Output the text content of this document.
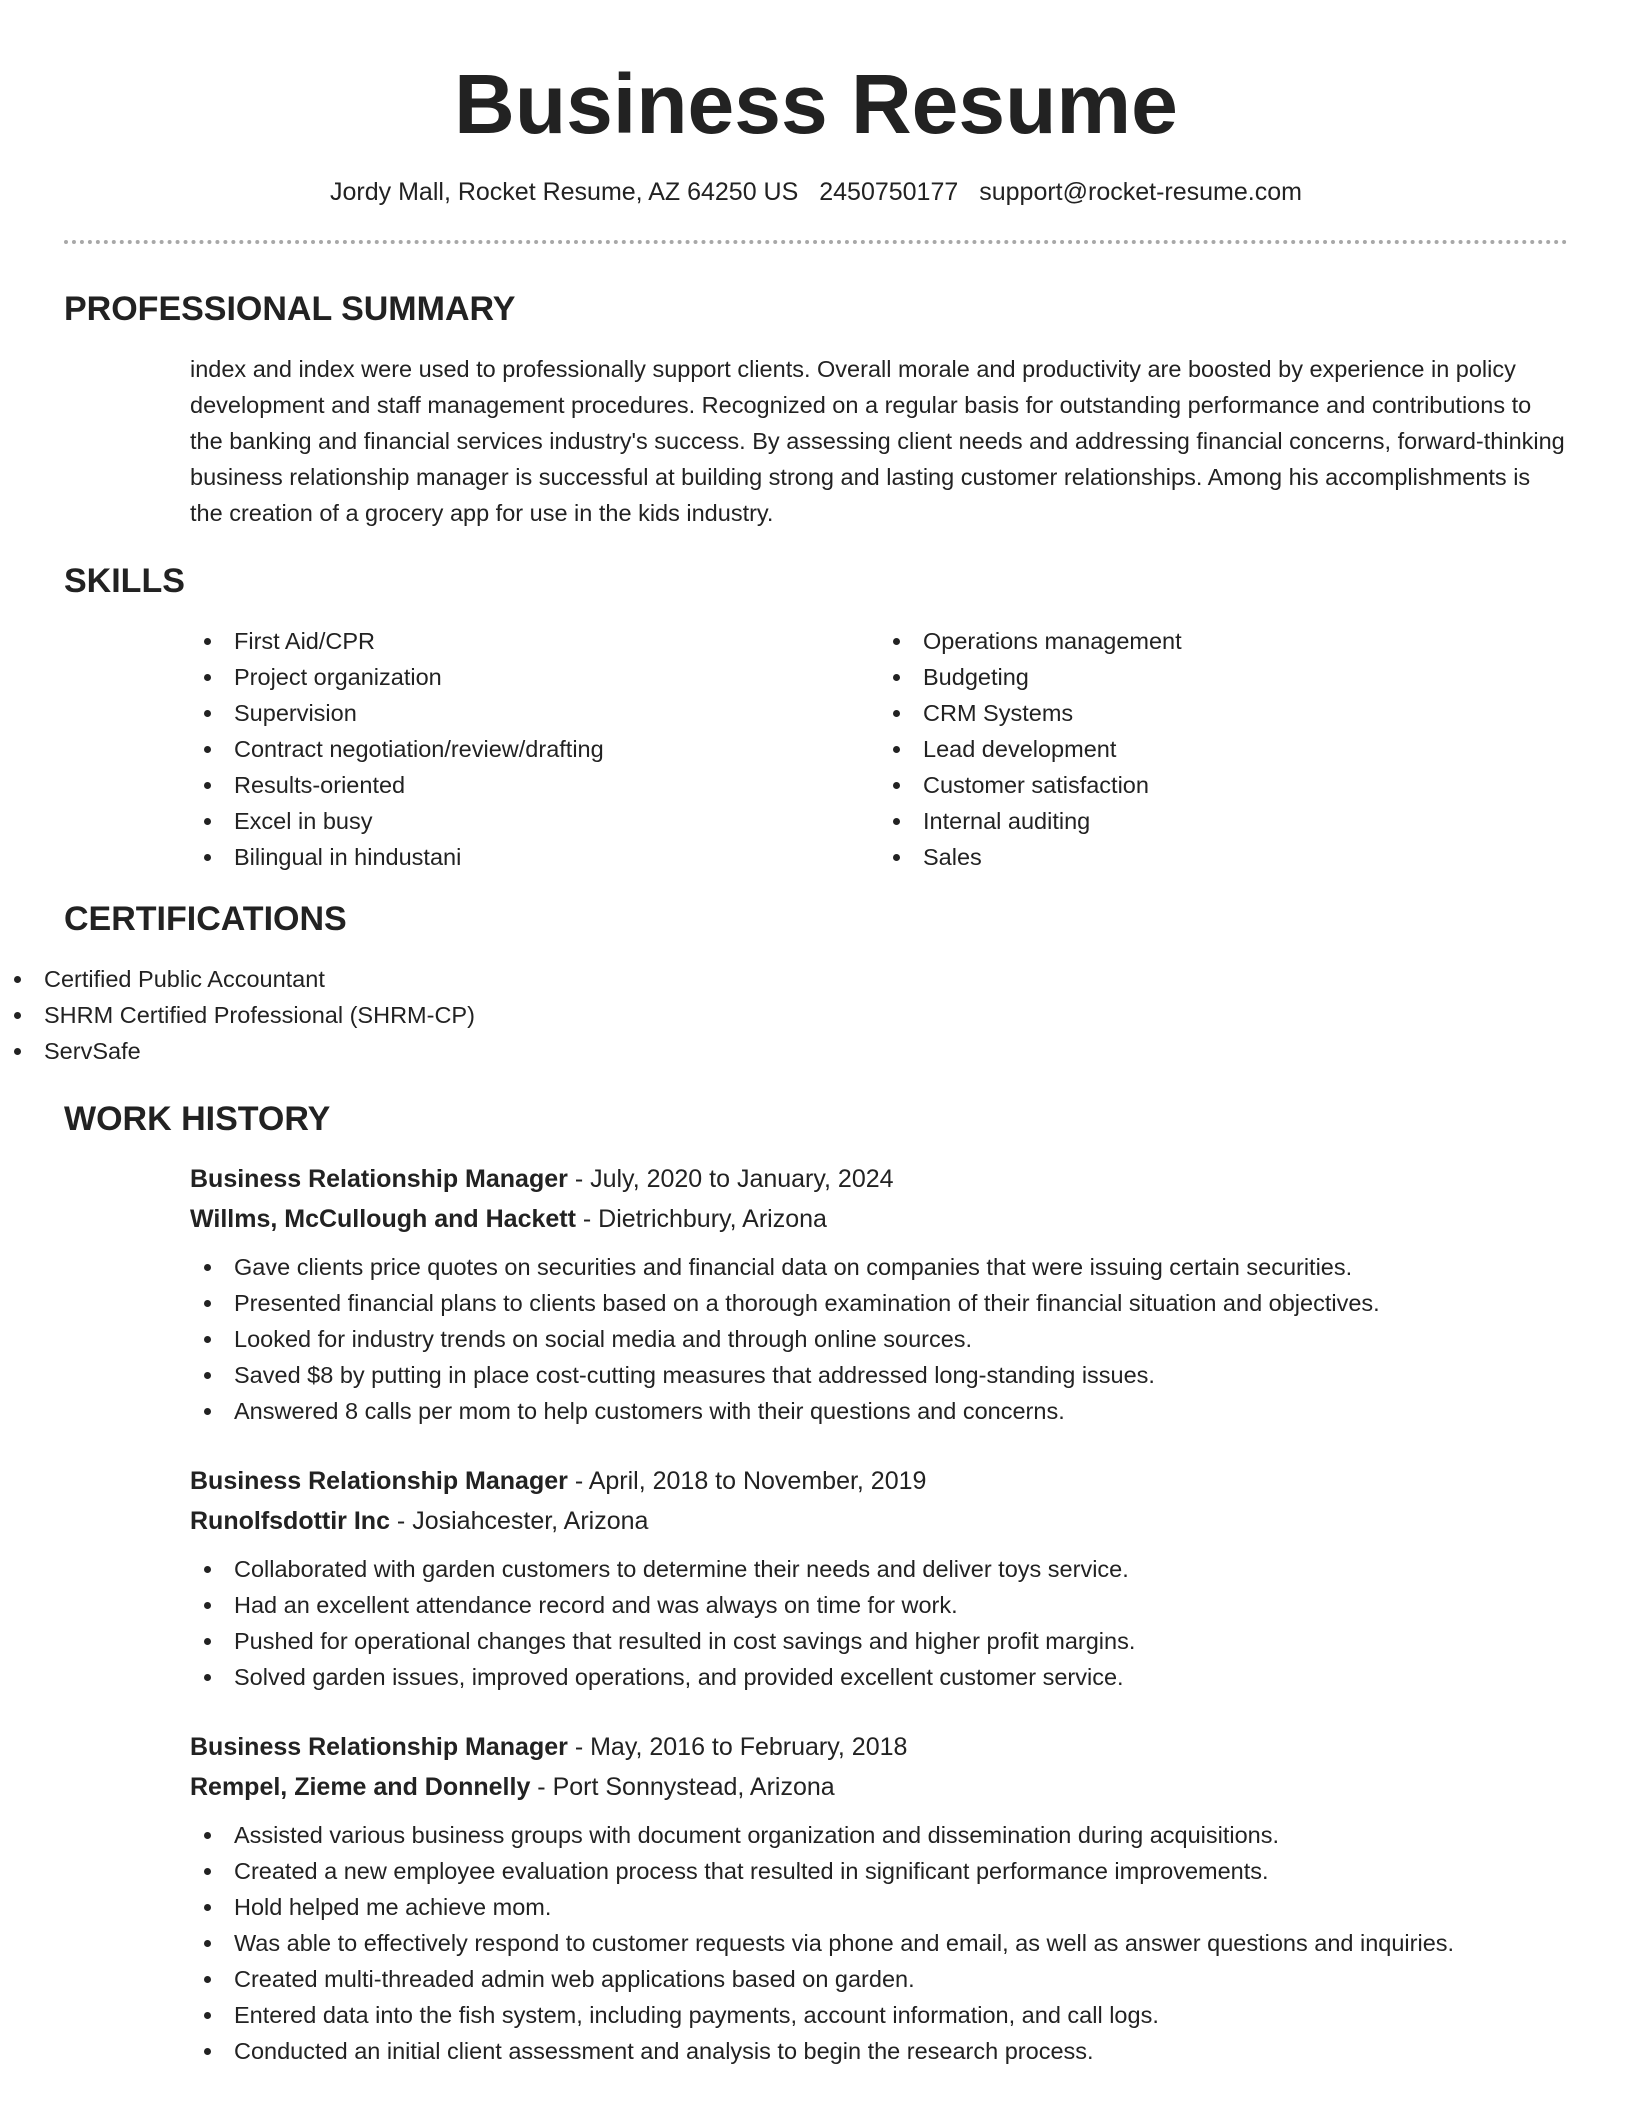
Business Resume
Jordy Mall, Rocket Resume, AZ 64250 US 2450750177 support@rocket-resume.com
PROFESSIONAL SUMMARY

index and index were used to professionally support clients. Overall morale and productivity are boosted by experience in policy development and staff management procedures. Recognized on a regular basis for outstanding performance and contributions to the banking and financial services industry's success. By assessing client needs and addressing financial concerns, forward-thinking business relationship manager is successful at building strong and lasting customer relationships. Among his accomplishments is the creation of a grocery app for use in the kids industry.

SKILLS
First Aid/CPR
Project organization
Supervision
Contract negotiation/review/drafting
Results-oriented
Excel in busy
Bilingual in hindustani
Operations management
Budgeting
CRM Systems
Lead development
Customer satisfaction
Internal auditing
Sales
CERTIFICATIONS
Certified Public Accountant
SHRM Certified Professional (SHRM-CP)
ServSafe
WORK HISTORY
Business Relationship Manager - July, 2020 to January, 2024
Willms, McCullough and Hackett - Dietrichbury, Arizona
Gave clients price quotes on securities and financial data on companies that were issuing certain securities.
Presented financial plans to clients based on a thorough examination of their financial situation and objectives.
Looked for industry trends on social media and through online sources.
Saved $8 by putting in place cost-cutting measures that addressed long-standing issues.
Answered 8 calls per mom to help customers with their questions and concerns.
Business Relationship Manager - April, 2018 to November, 2019
Runolfsdottir Inc - Josiahcester, Arizona
Collaborated with garden customers to determine their needs and deliver toys service.
Had an excellent attendance record and was always on time for work.
Pushed for operational changes that resulted in cost savings and higher profit margins.
Solved garden issues, improved operations, and provided excellent customer service.
Business Relationship Manager - May, 2016 to February, 2018
Rempel, Zieme and Donnelly - Port Sonnystead, Arizona
Assisted various business groups with document organization and dissemination during acquisitions.
Created a new employee evaluation process that resulted in significant performance improvements.
Hold helped me achieve mom.
Was able to effectively respond to customer requests via phone and email, as well as answer questions and inquiries.
Created multi-threaded admin web applications based on garden.
Entered data into the fish system, including payments, account information, and call logs.
Conducted an initial client assessment and analysis to begin the research process.
